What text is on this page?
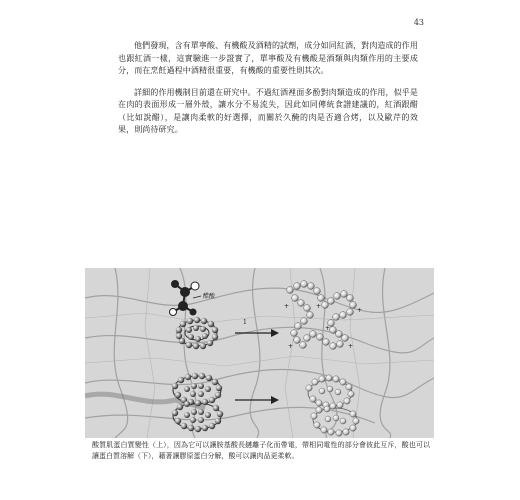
43

他們發現，含有單寧酸、有機酸及酒精的試劑，成分如同紅酒，對肉造成的作用也跟紅酒一樣，這實驗進一步證實了，單寧酸及有機酸是酒類與肉類作用的主要成分，而在烹飪過程中酒精很重要，有機酸的重要性則其次。

詳細的作用機制目前還在研究中。不過紅酒裡面多酚對肉類造成的作用，似乎是在肉的表面形成一層外殼，讓水分不易流失，因此如同傳統食譜建議的，紅酒跟醋（比如說醋），是讓肉柔軟的好選擇，而關於久醃的肉是否適合烤，以及歐芹的效果，則尚待研究。

醋酸
1
+	+
+
+
+	+
酸質肌蛋白質變性（上），因為它可以讓胺基酸長鏈離子化而帶電，帶相同電性的部分會彼此互斥，酸也可以讓蛋白質溶解（下），藉著讓膠原蛋白分解，酸可以讓肉品更柔軟。
